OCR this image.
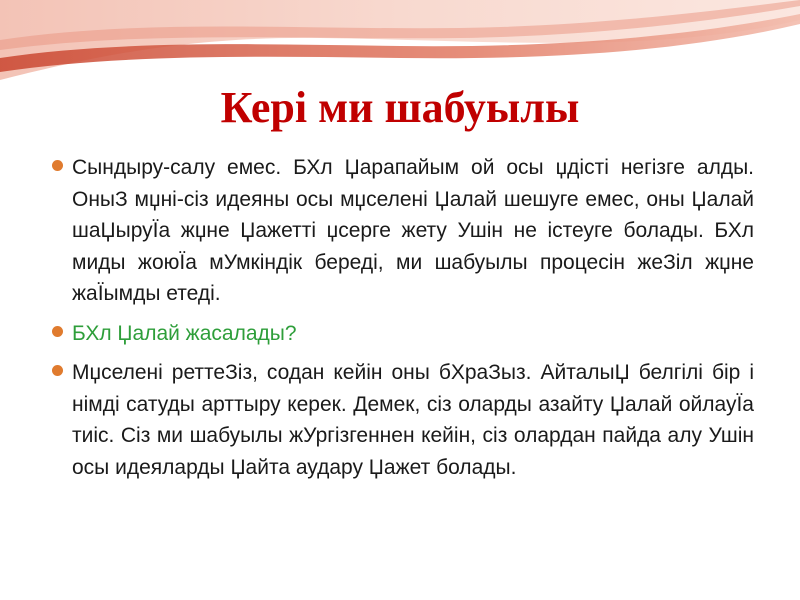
Кері ми шабуылы
Сындыру-салу емес. БХл Џарапайым ой осы џдісті негізге алды. ОныЗ мџні-сіз идеяны осы мџселені Џалай шешуге емес, оны Џалай шаЏыруЇа жџне Џажетті џсерге жету Ушін не істеуге болады. БХл миды жоюЇа мУмкіндік береді, ми шабуылы процесін жеЗіл жџне жаЇымды етеді.
БХл Џалай жасалады?
Мџселені реттеЗіз, содан кейін оны бХраЗыз. АйталыЏ белгілі бір і німді сатуды арттыру керек. Демек, сіз оларды азайту Џалай ойлауЇа тиіс. Сіз ми шабуылы жУргізгеннен кейін, сіз олардан пайда алу Ушін осы идеяларды Џайта аудару Џажет болады.
